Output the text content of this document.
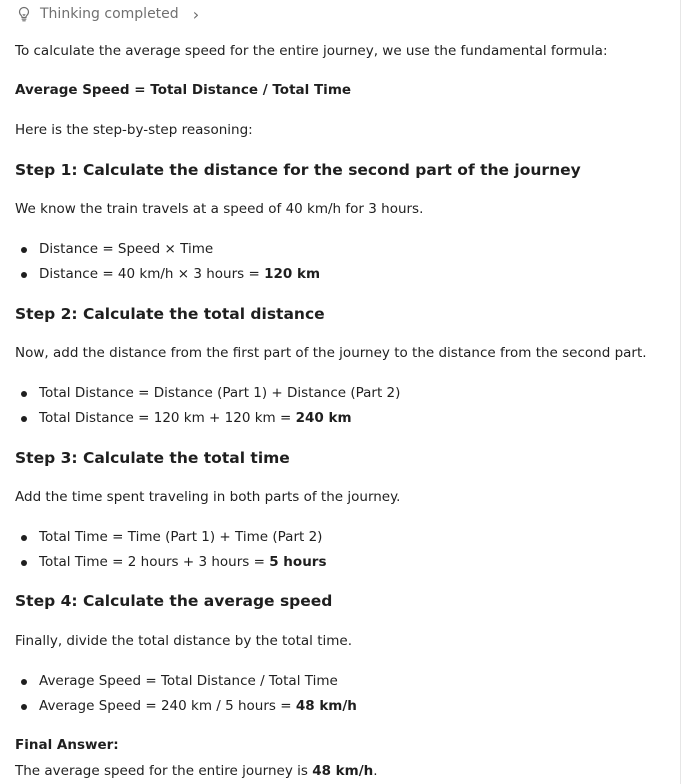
Thinking completed ›
To calculate the average speed for the entire journey, we use the fundamental formula:
Average Speed = Total Distance / Total Time
Here is the step-by-step reasoning:
Step 1: Calculate the distance for the second part of the journey
We know the train travels at a speed of 40 km/h for 3 hours.
Distance = Speed × Time
Distance = 40 km/h × 3 hours = 120 km
Step 2: Calculate the total distance
Now, add the distance from the first part of the journey to the distance from the second part.
Total Distance = Distance (Part 1) + Distance (Part 2)
Total Distance = 120 km + 120 km = 240 km
Step 3: Calculate the total time
Add the time spent traveling in both parts of the journey.
Total Time = Time (Part 1) + Time (Part 2)
Total Time = 2 hours + 3 hours = 5 hours
Step 4: Calculate the average speed
Finally, divide the total distance by the total time.
Average Speed = Total Distance / Total Time
Average Speed = 240 km / 5 hours = 48 km/h
Final Answer:
The average speed for the entire journey is 48 km/h.
